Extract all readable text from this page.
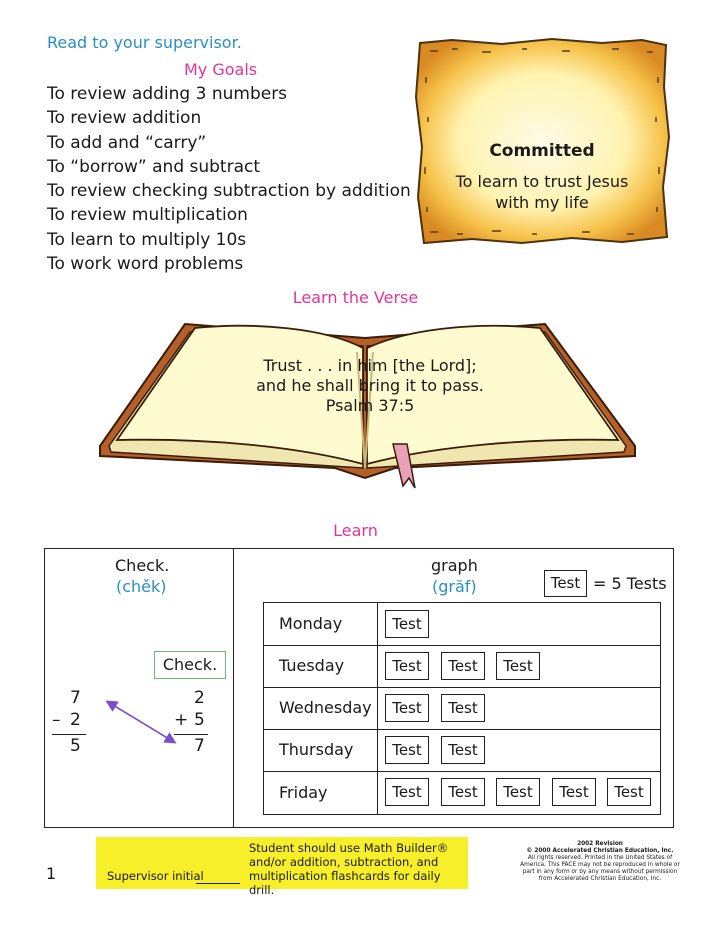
Read to your supervisor.
My Goals
To review adding 3 numbers
To review addition
To add and “carry”
To “borrow” and subtract
To review checking subtraction by addition
To review multiplication
To learn to multiply 10s
To work word problems
Committed
To learn to trust Jesus
with my life
Learn the Verse
Trust . . . in him [the Lord];
and he shall bring it to pass.
Psalm 37:5
Learn
Check.
(chěk)
Check.
7
– 2
5
2
+ 5
7
graph
(grăf)	Test = 5 Tests
Monday	Test
Tuesday	Test	Test	Test
Wednesday	Test	Test
Thursday	Test	Test
Friday	Test	Test	Test	Test	Test
1	Supervisor initial
Student should use Math Builder® and/or addition, subtraction, and multiplication flashcards for daily drill.
2002 Revision
© 2000 Accelerated Christian Education, Inc.
All rights reserved. Printed in the United States of
America. This PACE may not be reproduced in whole or
part in any form or by any means without permission
from Accelerated Christian Education, Inc.
